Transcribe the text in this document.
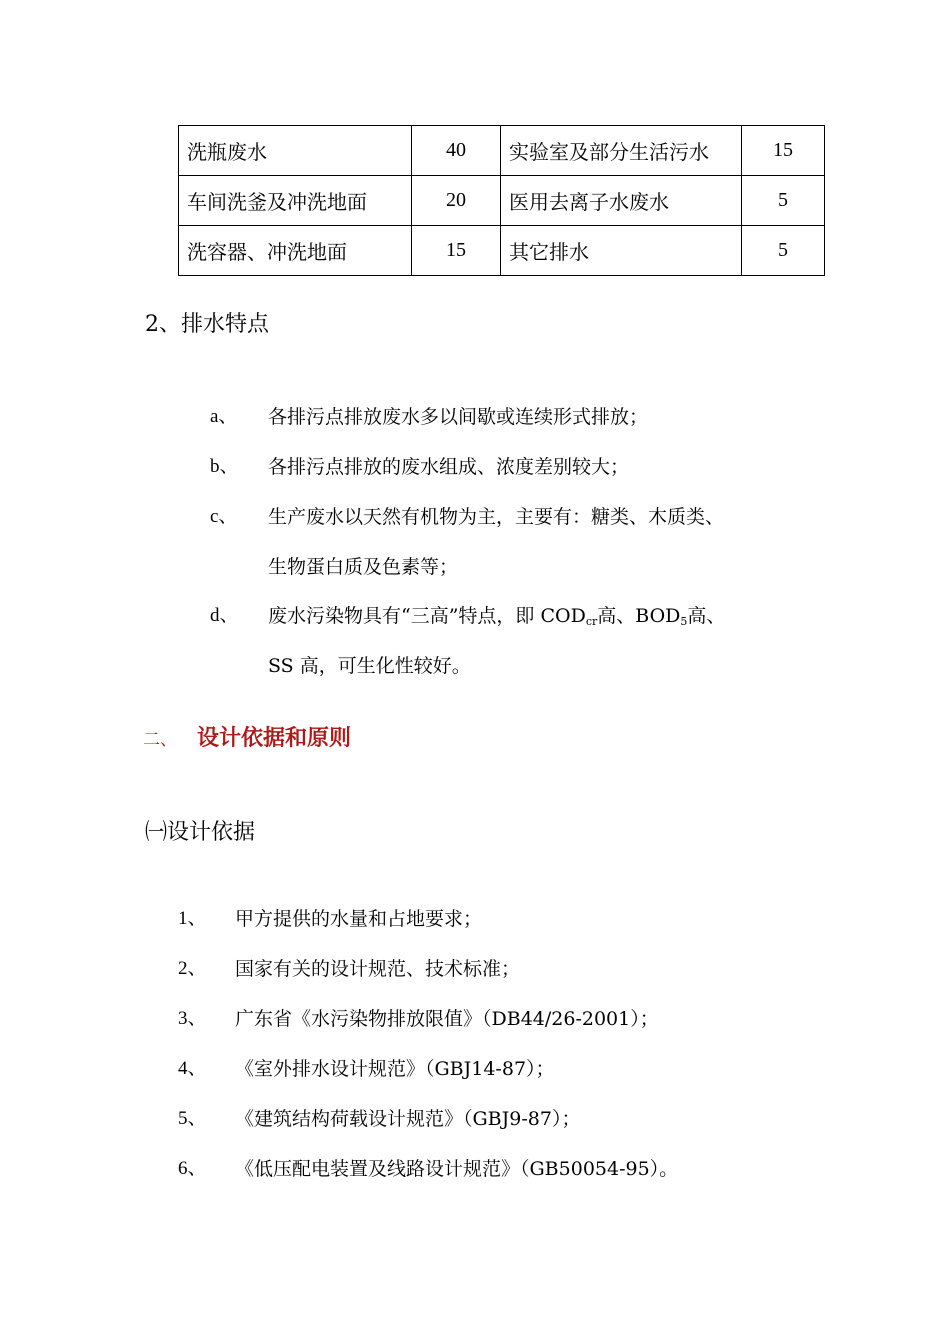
洗瓶废水	40	实验室及部分生活污水	15
车间洗釜及冲洗地面	20	医用去离子水废水	5
洗容器、冲洗地面	15	其它排水	5
2、排水特点
a、 各排污点排放废水多以间歇或连续形式排放；
b、 各排污点排放的废水组成、浓度差别较大；
c、 生产废水以天然有机物为主，主要有：糖类、木质类、
生物蛋白质及色素等；
d、 废水污染物具有“三高”特点，即 $COD_{cr}$高、$BOD_5$高、
SS 高，可生化性较好。
二、 设计依据和原则
㈠设计依据
1、 甲方提供的水量和占地要求；
2、 国家有关的设计规范、技术标准；
3、 广东省《水污染物排放限值》（DB44/26-2001）；
4、 《室外排水设计规范》（GBJ14-87）；
5、 《建筑结构荷载设计规范》（GBJ9-87）；
6、 《低压配电装置及线路设计规范》（GB50054-95）。
